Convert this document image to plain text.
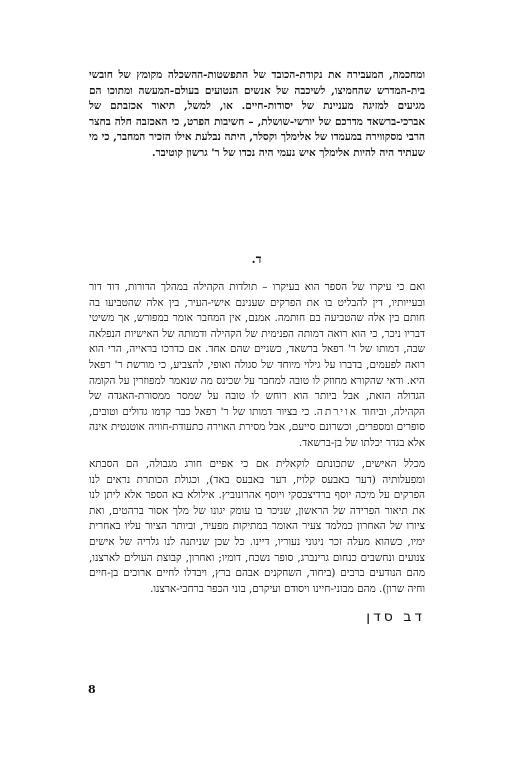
ומחכמה, המעבירה את נקודת-הכובד של התפשטות-ההשכלה מקומץ של חובשי בית-המדרש שהחמיצו, לשיכבה של אנשים הנטועים בעולם-המעשה ומתוכו הם מגיעים למזיגה מעניינת של יסודות-חיים. או, למשל, תיאור אכזבתם של אברכי-ברשאד מדרכם של יורשי-שושלת, – חשיבות הפרט, כי האכזבה חלה בחצר הרבי מסקווירה במעמדו של אלימלך וקסלר, היתה נבלעת אילו הזכיר המחבר, כי מי שעתיד היה להיות אלימלך איש נעמי היה נכדו של ר' גרשון קוטיבר.

ד.

ואם כי עיקרו של הספר הוא בעיקרו – תולדות הקהילה במהלך הדורות, דוד דור ובעייותיו, דין להבליט בו את הפרקים שענינם אישי-העיר, בין אלה שהטביעו בה חותם בין אלה שהטביעה בם חותמה. אמנם, אין המחבר אומר במפורש, אך משיטי דבריו ניכר, כי הוא רואה דמותה הפנימית של הקהילה ודמותה של האישיות הנפלאה שבה, דמותו של ר' רפאל ברשאד, כשניים שהם אחד. אם כדרכו בראייה, הרי הוא רואה לפעמים, בדברו על גילוי מיוחד של סגולה ואופי, להצביע, כי מורשת ר' רפאל היא. ודאי שהקורא מחוזק לו טובה למחבר על שכינס מה שנאמר למפוזרין על הקומה הגדולה הזאת, אבל ביותר הוא רוחש לו טובה על שמסר ממסורת-האגדה של הקהילה, וביחוד אוירתה. כי בציור דמותו של ר' רפאל כבר קדמו גדולים וטובים, סופרים ומספרים, וכשרונם סייעם, אבל מסירת האוירה כתעודת-חוויה אוטנטית אינה אלא בגדר יכלתו של בן-ברשאד.

מכלל האישים, שתכונתם לוקאלית אם כי אפיים חורג מגבולה, הם הסבתא ומפעלותיה (דער באבעס קלויז, דער באבעס באד), וכגולת הכותרת נראים לנו הפרקים על מיכה יוסף ברדיצבסקי ויוסף אהרונוביץ. אילולא בא הספר אלא ליתן לנו את תיאור הפרידה של הראשון, שניכר בו עומק יגונו של מלך אסור ברהטים, ואת ציורו של האחרון כמלמד צעיר האומר במתיקות מפעיר, וביותר הציור עליו באחרית ימיו, כשהוא מעלה זכר ניגוני נעוריו, דיינו. כל שכן שניתנה לנו גלריה של אישים צנועים ונחשבים כנחום גרינברג, סופר נשכח, דומיו; ואחרון, קבוצת העולים לארצנו, מהם הנודעים ברבים (ביחוד, השחקנים אבהם ברץ, ויבדלו לחיים ארוכים בן-חיים וחיה שרון). מהם מבוני-חיינו ויסודם ועיקרם, בוני הכפר ברחבי-ארצנו.

דב סדן
8
